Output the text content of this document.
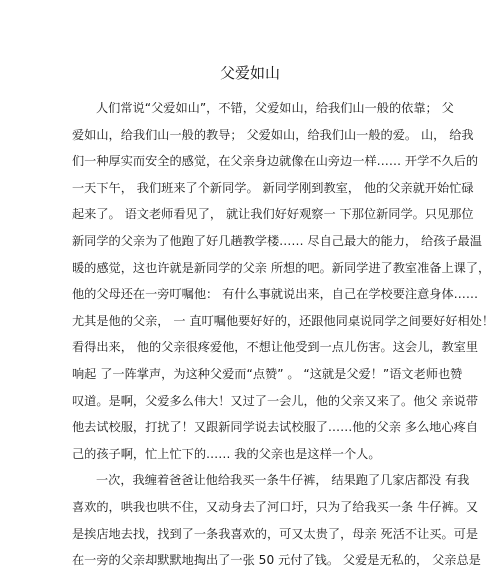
父爱如山
人们常说“父爱如山”，不错，父爱如山，给我们山一般的依靠； 父
爱如山，给我们山一般的教导； 父爱如山，给我们山一般的爱。 山， 给我
们一种厚实而安全的感觉，在父亲身边就像在山旁边一样…… 开学不久后的
一天下午， 我们班来了个新同学。 新同学刚到教室， 他的父亲就开始忙碌
起来了。 语文老师看见了， 就让我们好好观察一 下那位新同学。只见那位
新同学的父亲为了他跑了好几趟教学楼…… 尽自己最大的能力， 给孩子最温
暖的感觉，这也许就是新同学的父亲 所想的吧。新同学进了教室准备上课了，
他的父母还在一旁叮嘱他： 有什么事就说出来，自己在学校要注意身体……
尤其是他的父亲， 一 直叮嘱他要好好的，还跟他同桌说同学之间要好好相处！
看得出来， 他的父亲很疼爱他，不想让他受到一点儿伤害。这会儿，教室里
响起 了一阵掌声，为这种父爱而“点赞” 。 “这就是父爱！”语文老师也赞
叹道。是啊，父爱多么伟大！又过了一会儿，他的父亲又来了。他父 亲说带
他去试校服，打扰了！又跟新同学说去试校服了……他的父亲 多么地心疼自
己的孩子啊，忙上忙下的…… 我的父亲也是这样一个人。
一次，我缠着爸爸让他给我买一条牛仔裤， 结果跑了几家店都没 有我
喜欢的，哄我也哄不住，又动身去了河口圩，只为了给我买一条 牛仔裤。又
是挨店地去找，找到了一条我喜欢的，可又太贵了，母亲 死活不让买。可是
在一旁的父亲却默默地掏出了一张 50 元付了钱。 父爱是无私的， 父亲总是
